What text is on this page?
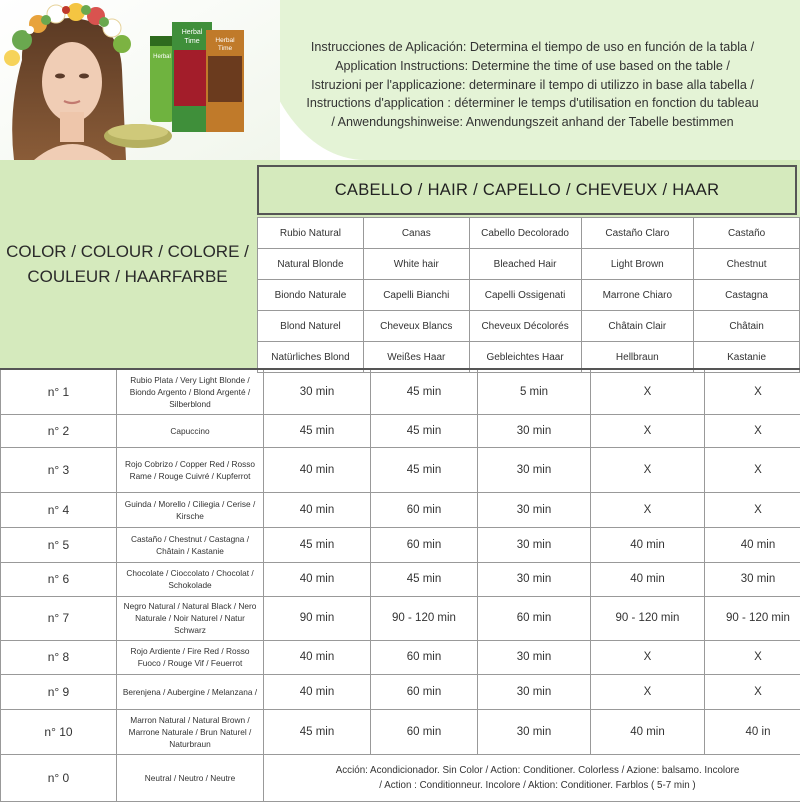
Herbal
Herbal
Time Herbal
Time	Instrucciones de Aplicación: Determina el tiempo de uso en función de la tabla /
Application Instructions: Determine the time of use based on the table /
Istruzioni per l'applicazione: determinare il tempo di utilizzo in base alla tabella /
Instructions d'application : déterminer le temps d'utilisation en fonction du tableau
/ Anwendungshinweise: Anwendungszeit anhand der Tabelle bestimmen
COLOR / COLOUR / COLORE /
COULEUR / HAARFARBE
CABELLO / HAIR / CAPELLO / CHEVEUX / HAAR
Rubio Natural	Canas	Cabello Decolorado	Castaño Claro	Castaño
Natural Blonde	White hair	Bleached Hair	Light Brown	Chestnut
Biondo Naturale	Capelli Bianchi	Capelli Ossigenati	Marrone Chiaro	Castagna
Blond Naturel	Cheveux Blancs	Cheveux Décolorés	Châtain Clair	Châtain
Natürliches Blond	Weißes Haar	Gebleichtes Haar	Hellbraun	Kastanie
n° 1	Rubio Plata / Very Light Blonde / Biondo Argento / Blond Argenté / Silberblond	30 min	45 min	5 min	X	X
n° 2	Capuccino	45 min	45 min	30 min	X	X
n° 3	Rojo Cobrizo / Copper Red / Rosso Rame / Rouge Cuivré / Kupferrot	40 min	45 min	30 min	X	X
n° 4	Guinda / Morello / Ciliegia / Cerise / Kirsche	40 min	60 min	30 min	X	X
n° 5	Castaño / Chestnut / Castagna / Châtain / Kastanie	45 min	60 min	30 min	40 min	40 min
n° 6	Chocolate / Cioccolato / Chocolat / Schokolade	40 min	45 min	30 min	40 min	30 min
n° 7	Negro Natural / Natural Black / Nero Naturale / Noir Naturel / Natur Schwarz	90 min	90 - 120 min	60 min	90 - 120 min	90 - 120 min
n° 8	Rojo Ardiente / Fire Red / Rosso Fuoco / Rouge Vif / Feuerrot	40 min	60 min	30 min	X	X
n° 9	Berenjena / Aubergine / Melanzana /	40 min	60 min	30 min	X	X
n° 10	Marron Natural / Natural Brown / Marrone Naturale / Brun Naturel / Naturbraun	45 min	60 min	30 min	40 min	40 in
n° 0	Neutral / Neutro / Neutre	Acción: Acondicionador. Sin Color / Action: Conditioner. Colorless / Azione: balsamo. Incolore
/ Action : Conditionneur. Incolore / Aktion: Conditioner. Farblos ( 5-7 min )				
